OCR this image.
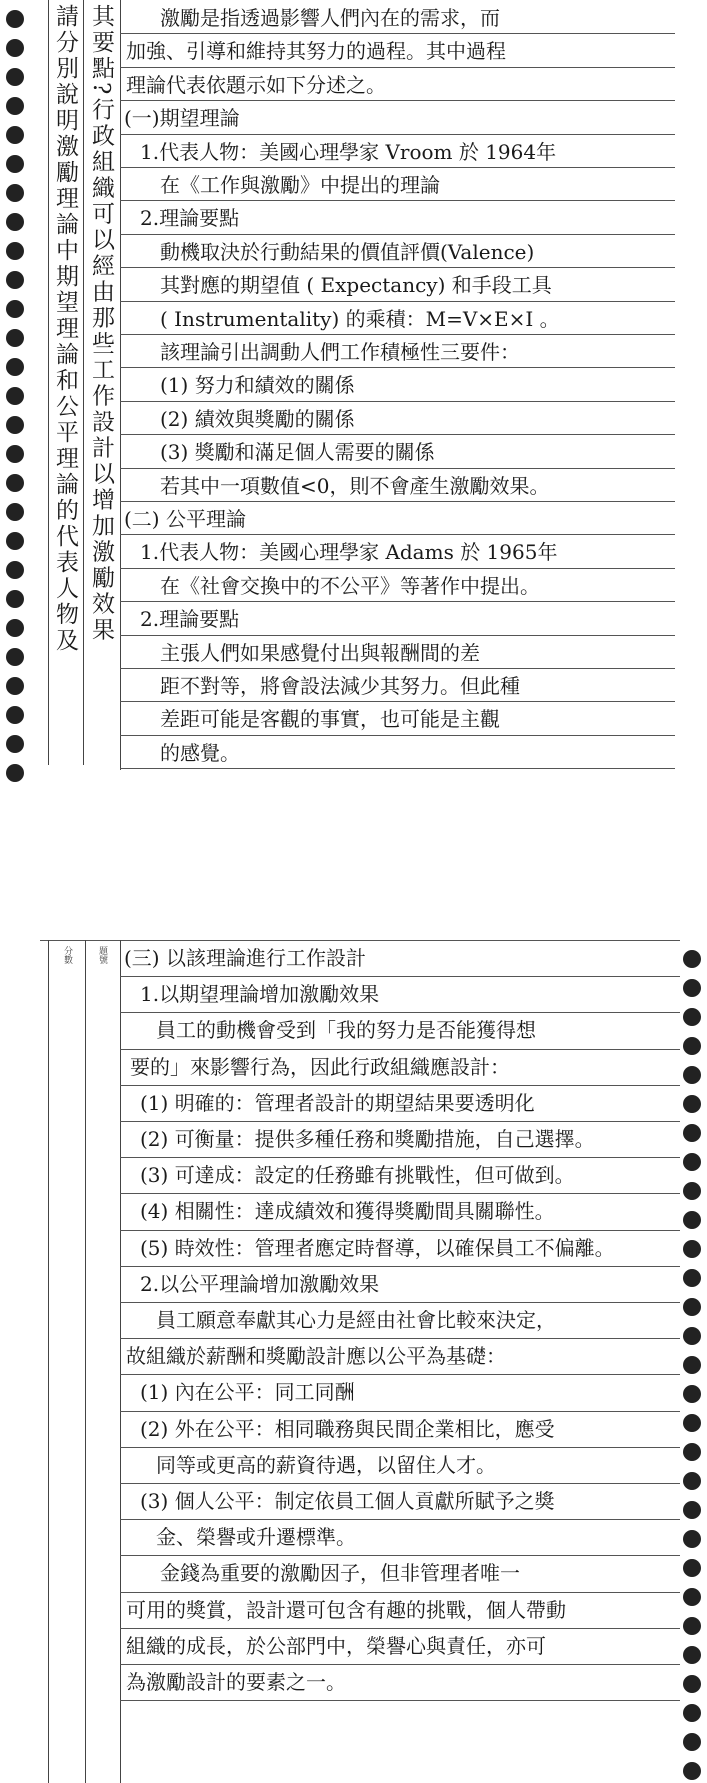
請分別說明激勵理論中期望理論和公平理論的代表人物及 其要點?行政組織可以經由那些工作設計以增加激勵效果 激勵是指透過影響人們內在的需求，而
加強、引導和維持其努力的過程。其中過程
理論代表依題示如下分述之。
(一)期望理論
1.代表人物：美國心理學家 Vroom 於 1964年
在《工作與激勵》中提出的理論
2.理論要點
動機取決於行動結果的價值評價(Valence)
其對應的期望值 ( Expectancy) 和手段工具
( Instrumentality) 的乘積：M=V×E×I 。
該理論引出調動人們工作積極性三要件：
(1) 努力和績效的關係
(2) 績效與獎勵的關係
(3) 獎勵和滿足個人需要的關係
若其中一項數值<0，則不會產生激勵效果。
(二) 公平理論
1.代表人物：美國心理學家 Adams 於 1965年
在《社會交換中的不公平》等著作中提出。
2.理論要點
主張人們如果感覺付出與報酬間的差
距不對等，將會設法減少其努力。但此種
差距可能是客觀的事實，也可能是主觀
的感覺。
分數	題號 (三) 以該理論進行工作設計
1.以期望理論增加激勵效果
員工的動機會受到「我的努力是否能獲得想
要的」來影響行為，因此行政組織應設計：
(1) 明確的：管理者設計的期望結果要透明化
(2) 可衡量：提供多種任務和獎勵措施，自己選擇。
(3) 可達成：設定的任務雖有挑戰性，但可做到。
(4) 相關性：達成績效和獲得獎勵間具關聯性。
(5) 時效性：管理者應定時督導，以確保員工不偏離。
2.以公平理論增加激勵效果
員工願意奉獻其心力是經由社會比較來決定，
故組織於薪酬和獎勵設計應以公平為基礎：
(1) 內在公平：同工同酬
(2) 外在公平：相同職務與民間企業相比，應受
同等或更高的薪資待遇，以留住人才。
(3) 個人公平：制定依員工個人貢獻所賦予之獎
金、榮譽或升遷標準。
金錢為重要的激勵因子，但非管理者唯一
可用的獎賞，設計還可包含有趣的挑戰，個人帶動
組織的成長，於公部門中，榮譽心與責任，亦可
為激勵設計的要素之一。
